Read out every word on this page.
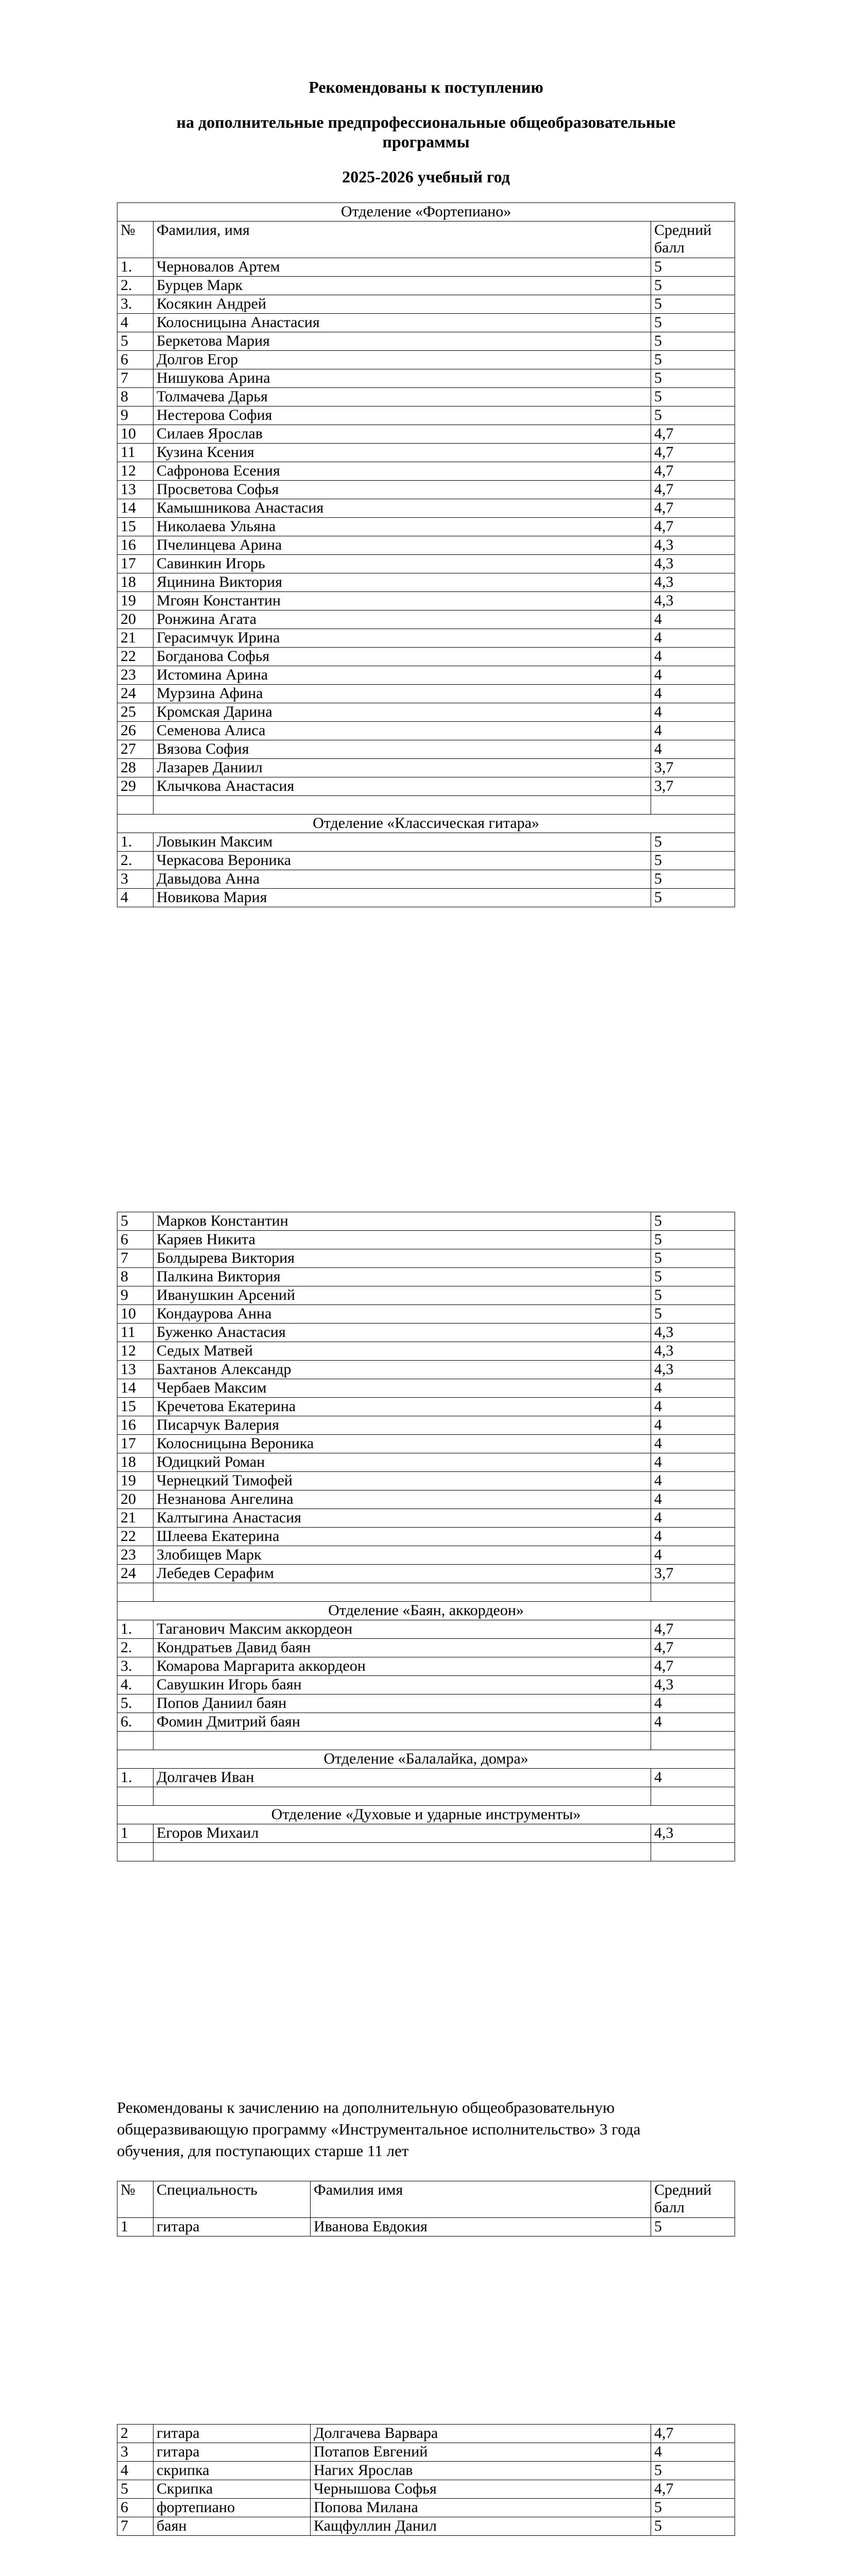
Рекомендованы к поступлению
на дополнительные предпрофессиональные общеобразовательные
программы
2025-2026 учебный год
Отделение «Фортепиано»		
№	Фамилия, имя	Средний балл
1.	Черновалов Артем	5
2.	Бурцев Марк	5
3.	Косякин Андрей	5
4	Колосницына Анастасия	5
5	Беркетова Мария	5
6	Долгов Егор	5
7	Нишукова Арина	5
8	Толмачева Дарья	5
9	Нестерова София	5
10	Силаев Ярослав	4,7
11	Кузина Ксения	4,7
12	Сафронова Есения	4,7
13	Просветова Софья	4,7
14	Камышникова Анастасия	4,7
15	Николаева Ульяна	4,7
16	Пчелинцева Арина	4,3
17	Савинкин Игорь	4,3
18	Яцинина Виктория	4,3
19	Мгоян Константин	4,3
20	Ронжина Агата	4
21	Герасимчук Ирина	4
22	Богданова Софья	4
23	Истомина Арина	4
24	Мурзина Афина	4
25	Кромская Дарина	4
26	Семенова Алиса	4
27	Вязова София	4
28	Лазарев Даниил	3,7
29	Клычкова Анастасия	3,7

Отделение «Классическая гитара»		
1.	Ловыкин Максим	5
2.	Черкасова Вероника	5
3	Давыдова Анна	5
4	Новикова Мария	5
5	Марков Константин	5
6	Каряев Никита	5
7	Болдырева Виктория	5
8	Палкина Виктория	5
9	Иванушкин Арсений	5
10	Кондаурова Анна	5
11	Буженко Анастасия	4,3
12	Седых Матвей	4,3
13	Бахтанов Александр	4,3
14	Чербаев Максим	4
15	Кречетова Екатерина	4
16	Писарчук Валерия	4
17	Колосницына Вероника	4
18	Юдицкий Роман	4
19	Чернецкий Тимофей	4
20	Незнанова Ангелина	4
21	Калтыгина Анастасия	4
22	Шлеева Екатерина	4
23	Злобищев Марк	4
24	Лебедев Серафим	3,7

Отделение «Баян, аккордеон»		
1.	Таганович Максим аккордеон	4,7
2.	Кондратьев Давид баян	4,7
3.	Комарова Маргарита аккордеон	4,7
4.	Савушкин Игорь баян	4,3
5.	Попов Даниил баян	4
6.	Фомин Дмитрий баян	4

Отделение «Балалайка, домра»		
1.	Долгачев Иван	4

Отделение «Духовые и ударные инструменты»		
1	Егоров Михаил	4,3

Рекомендованы к зачислению на дополнительную общеобразовательную
общеразвивающую программу «Инструментальное исполнительство» 3 года
обучения, для поступающих старше 11 лет
№	Специальность	Фамилия имя	Средний балл
1	гитара	Иванова Евдокия	5
2	гитара	Долгачева Варвара	4,7
3	гитара	Потапов Евгений	4
4	скрипка	Нагих Ярослав	5
5	Скрипка	Чернышова Софья	4,7
6	фортепиано	Попова Милана	5
7	баян	Кащфуллин Данил	5
